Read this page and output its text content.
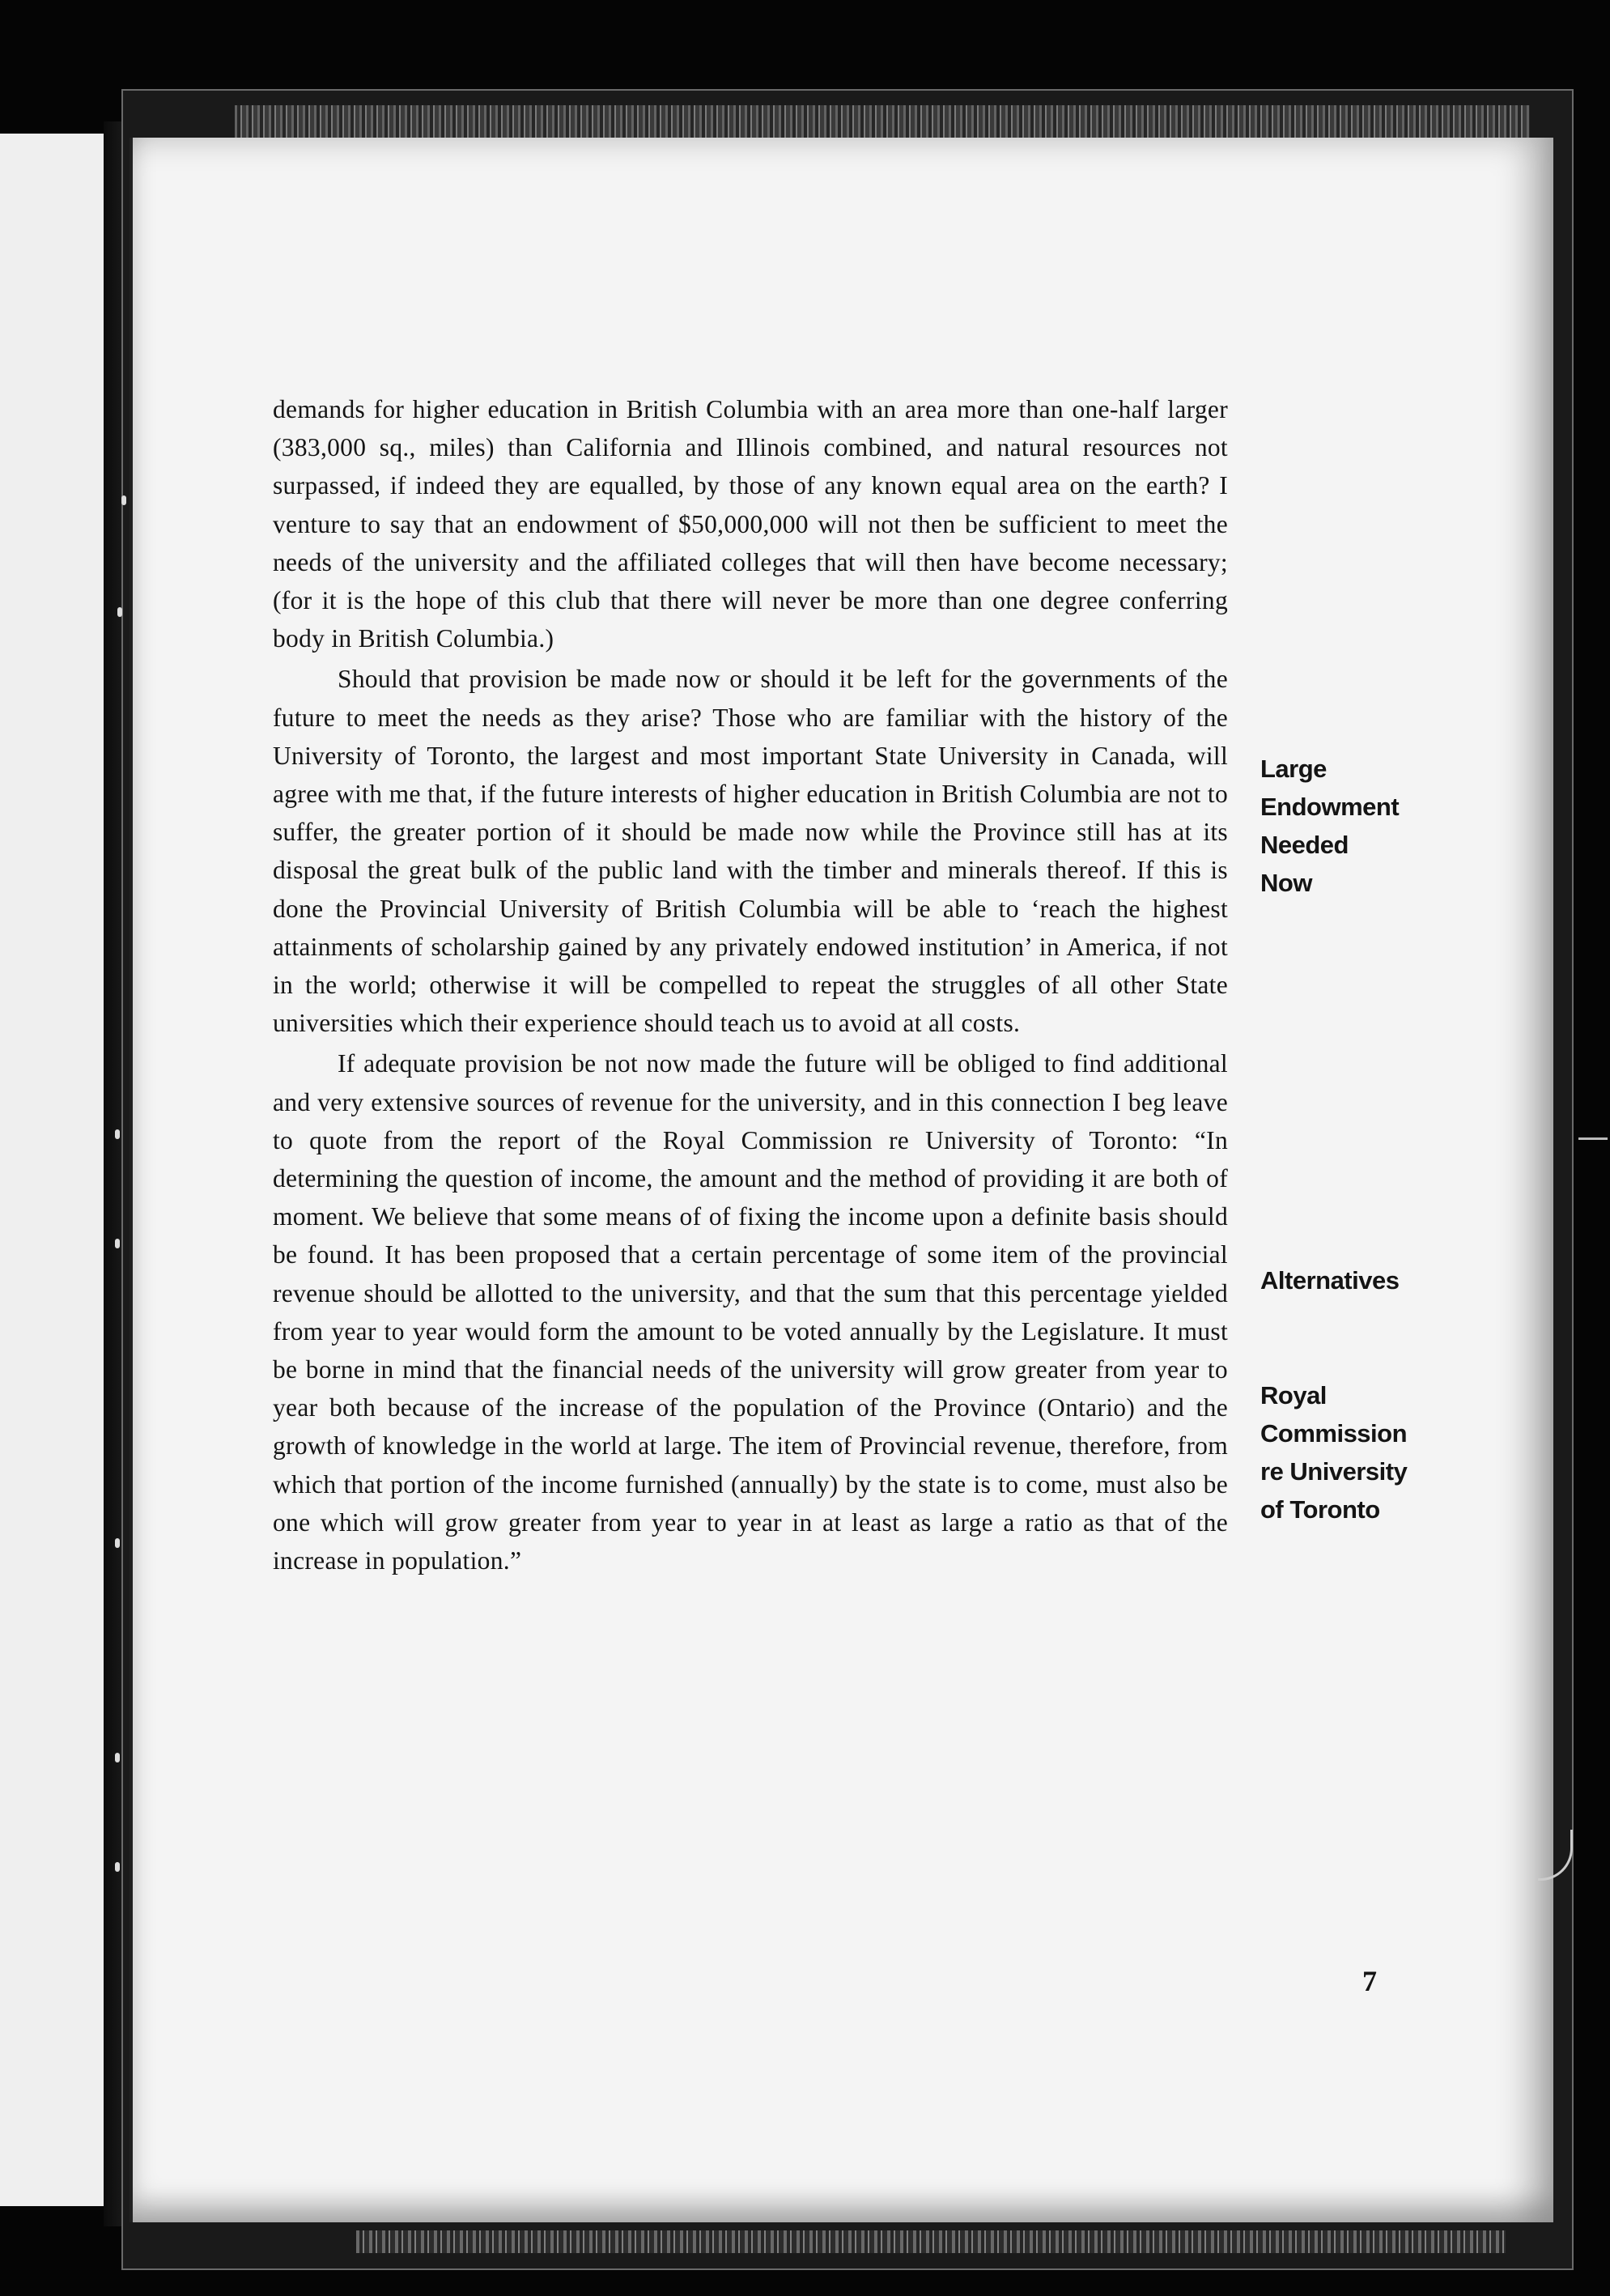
demands for higher education in British Columbia with an area more than one-half larger (383,000 sq., miles) than California and Illinois combined, and natural resources not surpassed, if indeed they are equalled, by those of any known equal area on the earth? I venture to say that an endowment of $50,000,000 will not then be sufficient to meet the needs of the university and the affiliated colleges that will then have become necessary; (for it is the hope of this club that there will never be more than one degree conferring body in British Columbia.)

Should that provision be made now or should it be left for the governments of the future to meet the needs as they arise? Those who are familiar with the history of the University of Toronto, the largest and most important State University in Canada, will agree with me that, if the future interests of higher education in British Columbia are not to suffer, the greater portion of it should be made now while the Province still has at its disposal the great bulk of the public land with the timber and minerals thereof. If this is done the Provincial University of British Columbia will be able to ‘reach the highest attainments of scholarship gained by any privately endowed institution’ in America, if not in the world; otherwise it will be compelled to repeat the struggles of all other State universities which their experience should teach us to avoid at all costs.

If adequate provision be not now made the future will be obliged to find additional and very extensive sources of revenue for the university, and in this connection I beg leave to quote from the report of the Royal Commission re University of Toronto: “In determining the question of income, the amount and the method of providing it are both of moment. We believe that some means of of fixing the income upon a definite basis should be found. It has been proposed that a certain percentage of some item of the provincial revenue should be allotted to the university, and that the sum that this percentage yielded from year to year would form the amount to be voted annually by the Legislature. It must be borne in mind that the financial needs of the university will grow greater from year to year both because of the increase of the population of the Province (Ontario) and the growth of knowledge in the world at large. The item of Provincial revenue, therefore, from which that portion of the income furnished (annually) by the state is to come, must also be one which will grow greater from year to year in at least as large a ratio as that of the increase in population.”

Large
Endowment
Needed
Now
Alternatives
Royal
Commission
re University
of Toronto
7
